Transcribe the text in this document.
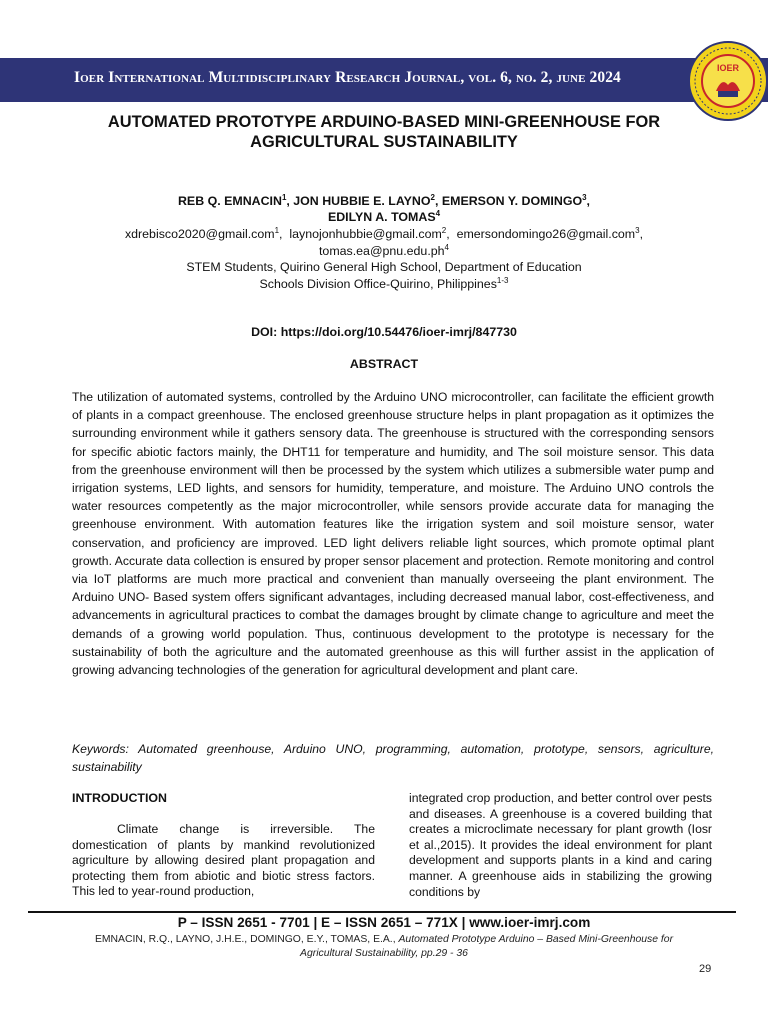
Ioer International Multidisciplinary Research Journal, vol. 6, no. 2, june 2024
IOER
AUTOMATED PROTOTYPE ARDUINO-BASED MINI-GREENHOUSE FOR
AGRICULTURAL SUSTAINABILITY
REB Q. EMNACIN$^1$, JON HUBBIE E. LAYNO$^2$, EMERSON Y. DOMINGO$^3$,
EDILYN A. TOMAS$^4$
xdrebisco2020@gmail.com$^1$,  laynojonhubbie@gmail.com$^2$,  emersondomingo26@gmail.com$^3$,
$tomas.ea@pnu.edu.ph^4$
STEM Students, Quirino General High School, Department of Education
Schools Division Office-Quirino, Philippines$^{1-3}$
DOI: https://doi.org/10.54476/ioer-imrj/847730
ABSTRACT

The utilization of automated systems, controlled by the Arduino UNO microcontroller, can facilitate the efficient growth of plants in a compact greenhouse. The enclosed greenhouse structure helps in plant propagation as it optimizes the surrounding environment while it gathers sensory data. The greenhouse is structured with the corresponding sensors for specific abiotic factors mainly, the DHT11 for temperature and humidity, and The soil moisture sensor. This data from the greenhouse environment will then be processed by the system which utilizes a submersible water pump and irrigation systems, LED lights, and sensors for humidity, temperature, and moisture. The Arduino UNO controls the water resources competently as the major microcontroller, while sensors provide accurate data for managing the greenhouse environment. With automation features like the irrigation system and soil moisture sensor, water conservation, and proficiency are improved. LED light delivers reliable light sources, which promote optimal plant growth. Accurate data collection is ensured by proper sensor placement and protection. Remote monitoring and control via IoT platforms are much more practical and convenient than manually overseeing the plant environment. The Arduino UNO- Based system offers significant advantages, including decreased manual labor, cost-effectiveness, and advancements in agricultural practices to combat the damages brought by climate change to agriculture and meet the demands of a growing world population. Thus, continuous development to the prototype is necessary for the sustainability of both the agriculture and the automated greenhouse as this will further assist in the application of growing advancing technologies of the generation for agricultural development and plant care.

Keywords: Automated greenhouse, Arduino UNO, programming, automation, prototype, sensors, agriculture, sustainability

INTRODUCTION

Climate change is irreversible. The domestication of plants by mankind revolutionized agriculture by allowing desired plant propagation and protecting them from abiotic and biotic stress factors. This led to year-round production,

integrated crop production, and better control over pests and diseases. A greenhouse is a covered building that creates a microclimate necessary for plant growth (Iosr et al.,2015). It provides the ideal environment for plant development and supports plants in a kind and caring manner. A greenhouse aids in stabilizing the growing conditions by

P – ISSN 2651 - 7701 | E – ISSN 2651 – 771X | www.ioer-imrj.com
EMNACIN, R.Q., LAYNO, J.H.E., DOMINGO, E.Y., TOMAS, E.A., Automated Prototype Arduino – Based Mini-Greenhouse for Agricultural Sustainability, pp.29 - 36
29
